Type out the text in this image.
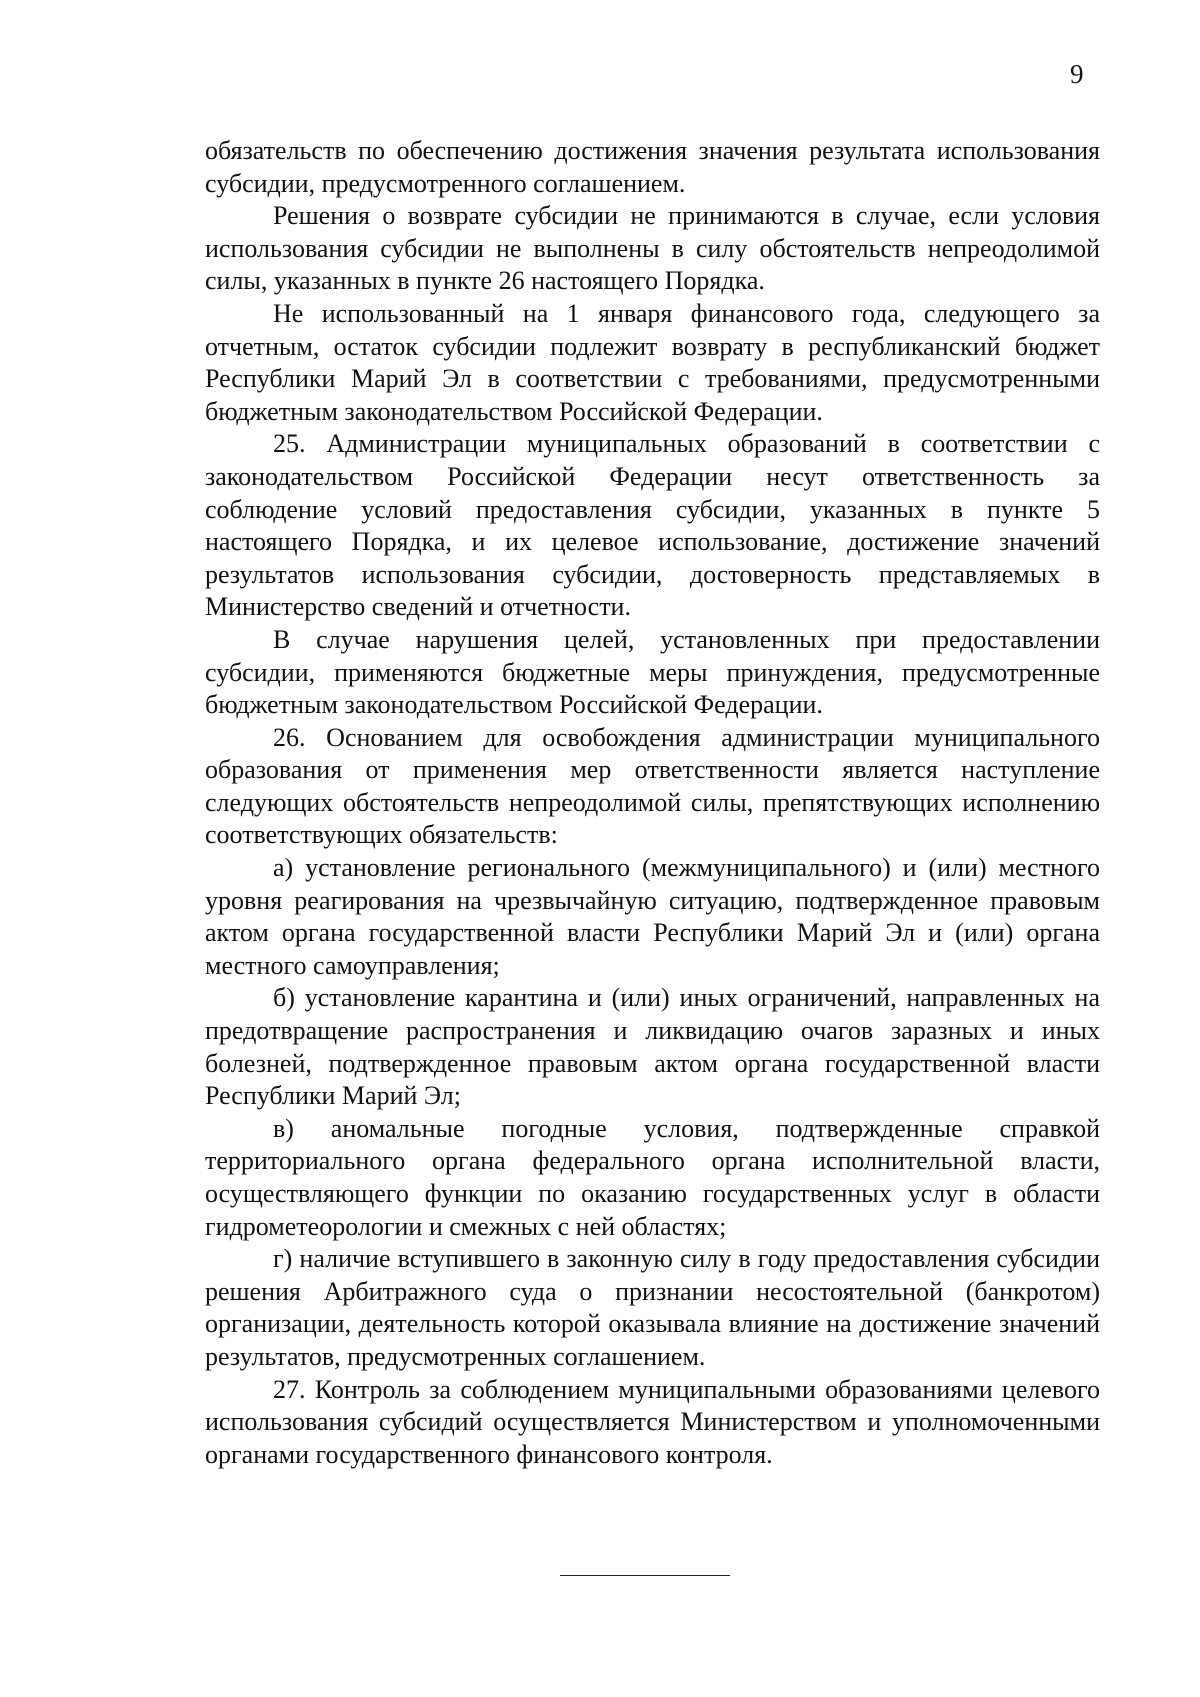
9

обязательств по обеспечению достижения значения результата использования субсидии, предусмотренного соглашением.

Решения о возврате субсидии не принимаются в случае, если условия использования субсидии не выполнены в силу обстоятельств непреодолимой силы, указанных в пункте 26 настоящего Порядка.

Не использованный на 1 января финансового года, следующего за отчетным, остаток субсидии подлежит возврату в республиканский бюджет Республики Марий Эл в соответствии с требованиями, предусмотренными бюджетным законодательством Российской Федерации.

25. Администрации муниципальных образований в соответствии с законодательством Российской Федерации несут ответственность за соблюдение условий предоставления субсидии, указанных в пункте 5 настоящего Порядка, и их целевое использование, достижение значений результатов использования субсидии, достоверность представляемых в Министерство сведений и отчетности.

В случае нарушения целей, установленных при предоставлении субсидии, применяются бюджетные меры принуждения, предусмотренные бюджетным законодательством Российской Федерации.

26. Основанием для освобождения администрации муниципального образования от применения мер ответственности является наступление следующих обстоятельств непреодолимой силы, препятствующих исполнению соответствующих обязательств:

а) установление регионального (межмуниципального) и (или) местного уровня реагирования на чрезвычайную ситуацию, подтвержденное правовым актом органа государственной власти Республики Марий Эл и (или) органа местного самоуправления;

б) установление карантина и (или) иных ограничений, направленных на предотвращение распространения и ликвидацию очагов заразных и иных болезней, подтвержденное правовым актом органа государственной власти Республики Марий Эл;

в) аномальные погодные условия, подтвержденные справкой территориального органа федерального органа исполнительной власти, осуществляющего функции по оказанию государственных услуг в области гидрометеорологии и смежных с ней областях;

г) наличие вступившего в законную силу в году предоставления субсидии решения Арбитражного суда о признании несостоятельной (банкротом) организации, деятельность которой оказывала влияние на достижение значений результатов, предусмотренных соглашением.

27. Контроль за соблюдением муниципальными образованиями целевого использования субсидий осуществляется Министерством и уполномоченными органами государственного финансового контроля.
